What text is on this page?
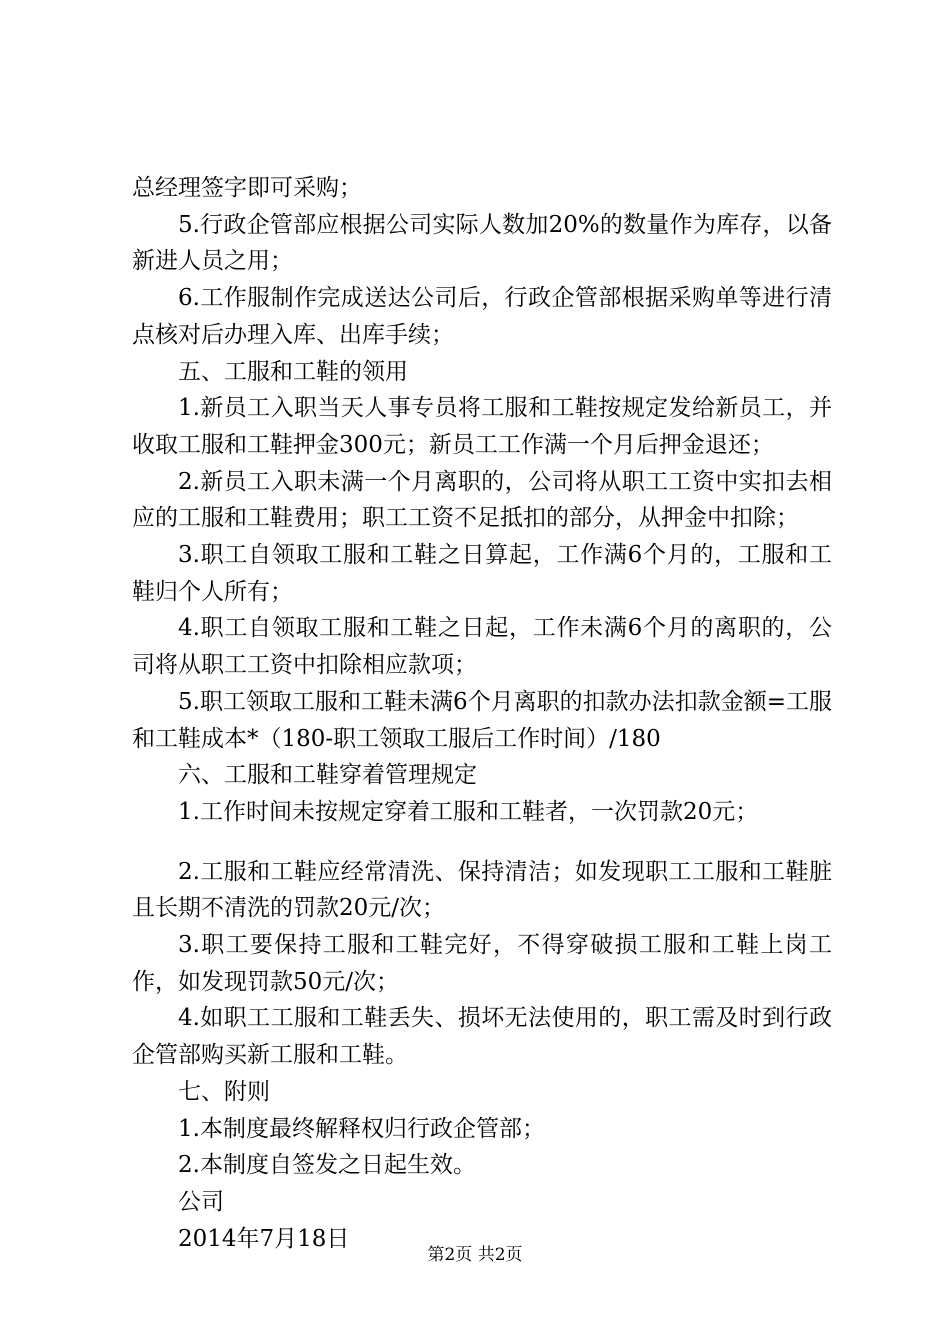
总经理签字即可采购；

5.行政企管部应根据公司实际人数加20%的数量作为库存，以备新进人员之用；

6.工作服制作完成送达公司后，行政企管部根据采购单等进行清点核对后办理入库、出库手续；

五、工服和工鞋的领用

1.新员工入职当天人事专员将工服和工鞋按规定发给新员工，并收取工服和工鞋押金300元；新员工工作满一个月后押金退还；

2.新员工入职未满一个月离职的，公司将从职工工资中实扣去相应的工服和工鞋费用；职工工资不足抵扣的部分，从押金中扣除；

3.职工自领取工服和工鞋之日算起，工作满6个月的，工服和工鞋归个人所有；

4.职工自领取工服和工鞋之日起，工作未满6个月的离职的，公司将从职工工资中扣除相应款项；

5.职工领取工服和工鞋未满6个月离职的扣款办法扣款金额=工服和工鞋成本*（180-职工领取工服后工作时间）/180

六、工服和工鞋穿着管理规定

1.工作时间未按规定穿着工服和工鞋者，一次罚款20元；

2.工服和工鞋应经常清洗、保持清洁；如发现职工工服和工鞋脏且长期不清洗的罚款20元/次；

3.职工要保持工服和工鞋完好，不得穿破损工服和工鞋上岗工作，如发现罚款50元/次；

4.如职工工服和工鞋丢失、损坏无法使用的，职工需及时到行政企管部购买新工服和工鞋。

七、附则

1.本制度最终解释权归行政企管部；

2.本制度自签发之日起生效。

公司

2014年7月18日

第2页 共2页
